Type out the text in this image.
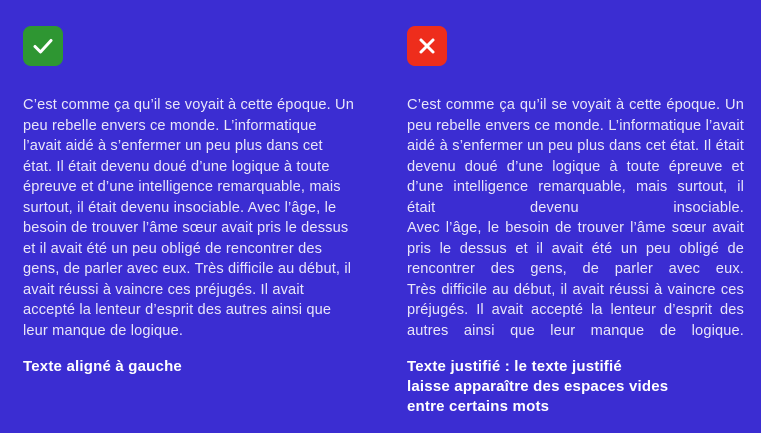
C’est comme ça qu’il se voyait à cette époque. Un peu rebelle envers ce monde. L’informatique l’avait aidé à s’enfermer un peu plus dans cet état. Il était devenu doué d’une logique à toute épreuve et d’une intelligence remarquable, mais surtout, il était devenu insociable. Avec l’âge, le besoin de trouver l’âme sœur avait pris le dessus et il avait été un peu obligé de rencontrer des gens, de parler avec eux. Très difficile au début, il avait réussi à vaincre ces préjugés. Il avait accepté la lenteur d’esprit des autres ainsi que leur manque de logique.

Texte aligné à gauche
C’est comme ça qu’il se voyait à cette époque. Un peu rebelle envers ce monde. L’informatique l’avait aidé à s’enfermer un peu plus dans cet état. Il était devenu doué d’une logique à toute épreuve et d’une intelligence remarquable, mais surtout, il était devenu insociable.
Avec l’âge, le besoin de trouver l’âme sœur avait pris le dessus et il avait été un peu obligé de rencontrer des gens, de parler avec eux.
Très difficile au début, il avait réussi à vaincre ces préjugés. Il avait accepté la lenteur d’esprit des autres ainsi que leur manque de logique.
Texte justifié : le texte justifié laisse apparaître des espaces vides entre certains mots
